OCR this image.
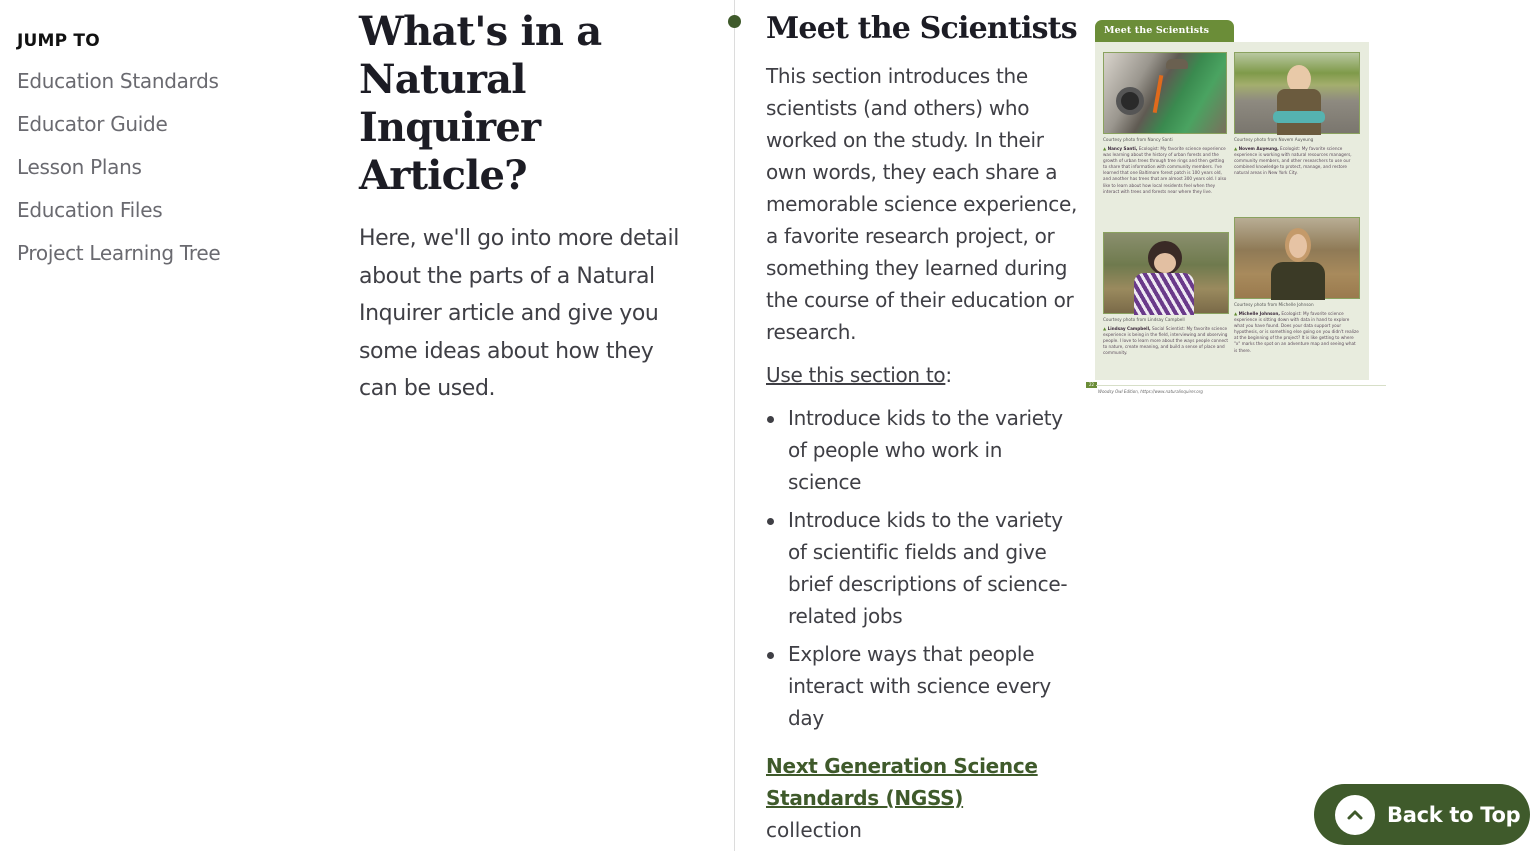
JUMP TO
Education Standards
Educator Guide
Lesson Plans
Education Files
Project Learning Tree
What's in a Natural Inquirer Article?

Here, we'll go into more detail about the parts of a Natural Inquirer article and give you some ideas about how they can be used.

Meet the Scientists

This section introduces the scientists (and others) who worked on the study. In their own words, they each share a memorable science experience, a favorite research project, or something they learned during the course of their education or research.

Use this section to:

Introduce kids to the variety of people who work in science
Introduce kids to the variety of scientific fields and give brief descriptions of science-related jobs
Explore ways that people interact with science every day
Next Generation Science Standards (NGSS)
collection
Meet the Scientists
Courtesy photo from Nancy Santi
▲ Nancy Santi, Ecologist: My favorite science experience was learning about the history of urban forests and the growth of urban trees through tree rings and then getting to share that information with community members. I've learned that one Baltimore forest patch is 100 years old, and another has trees that are almost 300 years old. I also like to learn about how local residents feel when they interact with trees and forests near where they live.
Courtesy photo from Novem Auyeung
▲ Novem Auyeung, Ecologist: My favorite science experience is working with natural resources managers, community members, and other researchers to use our combined knowledge to protect, manage, and restore natural areas in New York City.
Courtesy photo from Lindsay Campbell
▲ Lindsay Campbell, Social Scientist: My favorite science experience is being in the field, interviewing and observing people. I love to learn more about the ways people connect to nature, create meaning, and build a sense of place and community.
Courtesy photo from Michelle Johnson
▲ Michelle Johnson, Ecologist: My favorite science experience is sitting down with data in hand to explore what you have found. Does your data support your hypothesis, or is something else going on you didn't realize at the beginning of the project? It is like getting to where "x" marks the spot on an adventure map and seeing what is there.
22
Woodsy Owl Edition, https://www.naturalinquirer.org
Back to Top
